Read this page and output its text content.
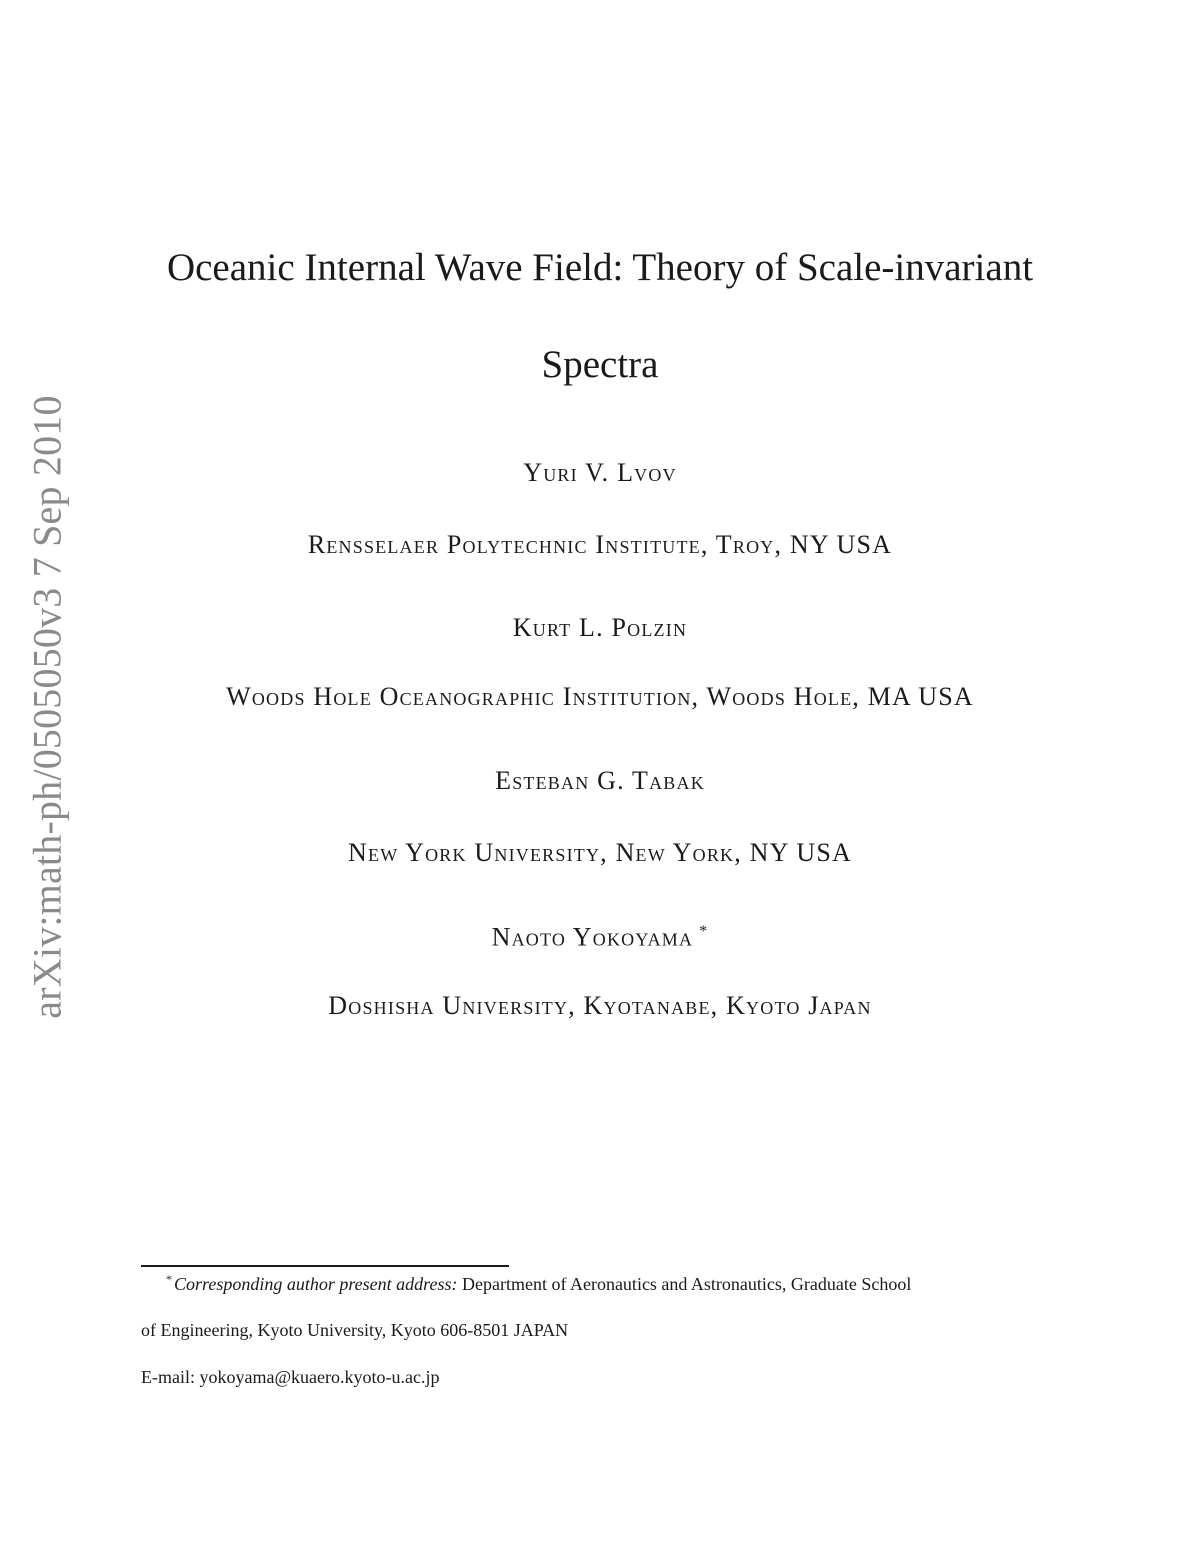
arXiv:math-ph/0505050v3 7 Sep 2010
Oceanic Internal Wave Field: Theory of Scale-invariant
Spectra

Yuri V. Lvov

Rensselaer Polytechnic Institute, Troy, NY USA

Kurt L. Polzin

Woods Hole Oceanographic Institution, Woods Hole, MA USA

Esteban G. Tabak

New York University, New York, NY USA

Naoto Yokoyama *

Doshisha University, Kyotanabe, Kyoto Japan

* Corresponding author present address: Department of Aeronautics and Astronautics, Graduate School

of Engineering, Kyoto University, Kyoto 606-8501 JAPAN

E-mail: yokoyama@kuaero.kyoto-u.ac.jp
